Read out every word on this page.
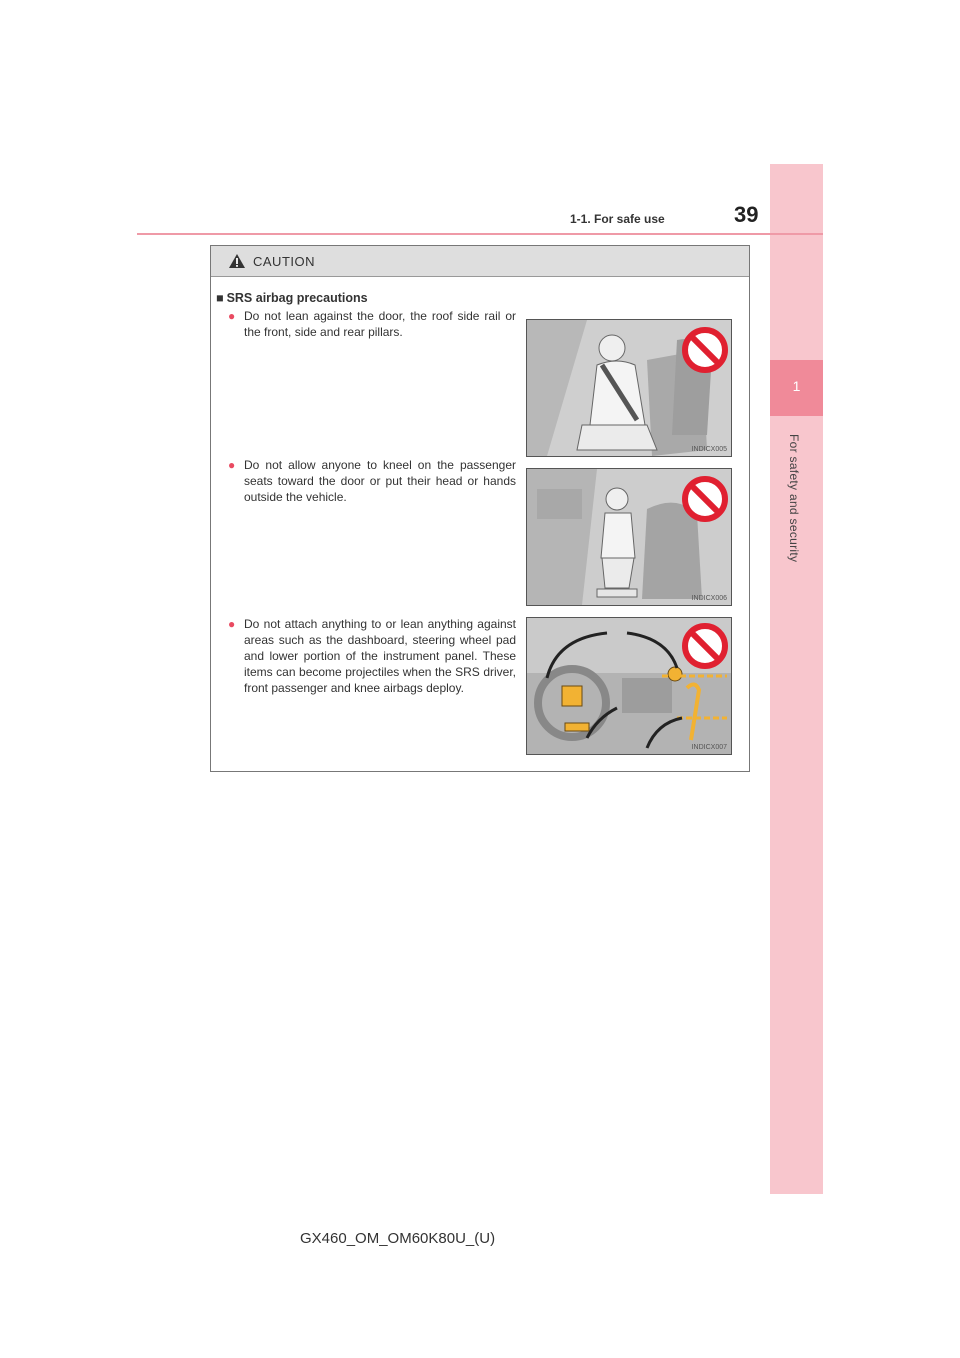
1
For safety and security
1-1. For safe use	39
CAUTION
■ SRS airbag precautions
● Do not lean against the door, the roof side rail or the front, side and rear pillars.
INDICX005
● Do not allow anyone to kneel on the passenger seats toward the door or put their head or hands outside the vehicle.
INDICX006
● Do not attach anything to or lean anything against areas such as the dashboard, steering wheel pad and lower portion of the instrument panel. These items can become projectiles when the SRS driver, front passenger and knee airbags deploy.
INDICX007
GX460_OM_OM60K80U_(U)
